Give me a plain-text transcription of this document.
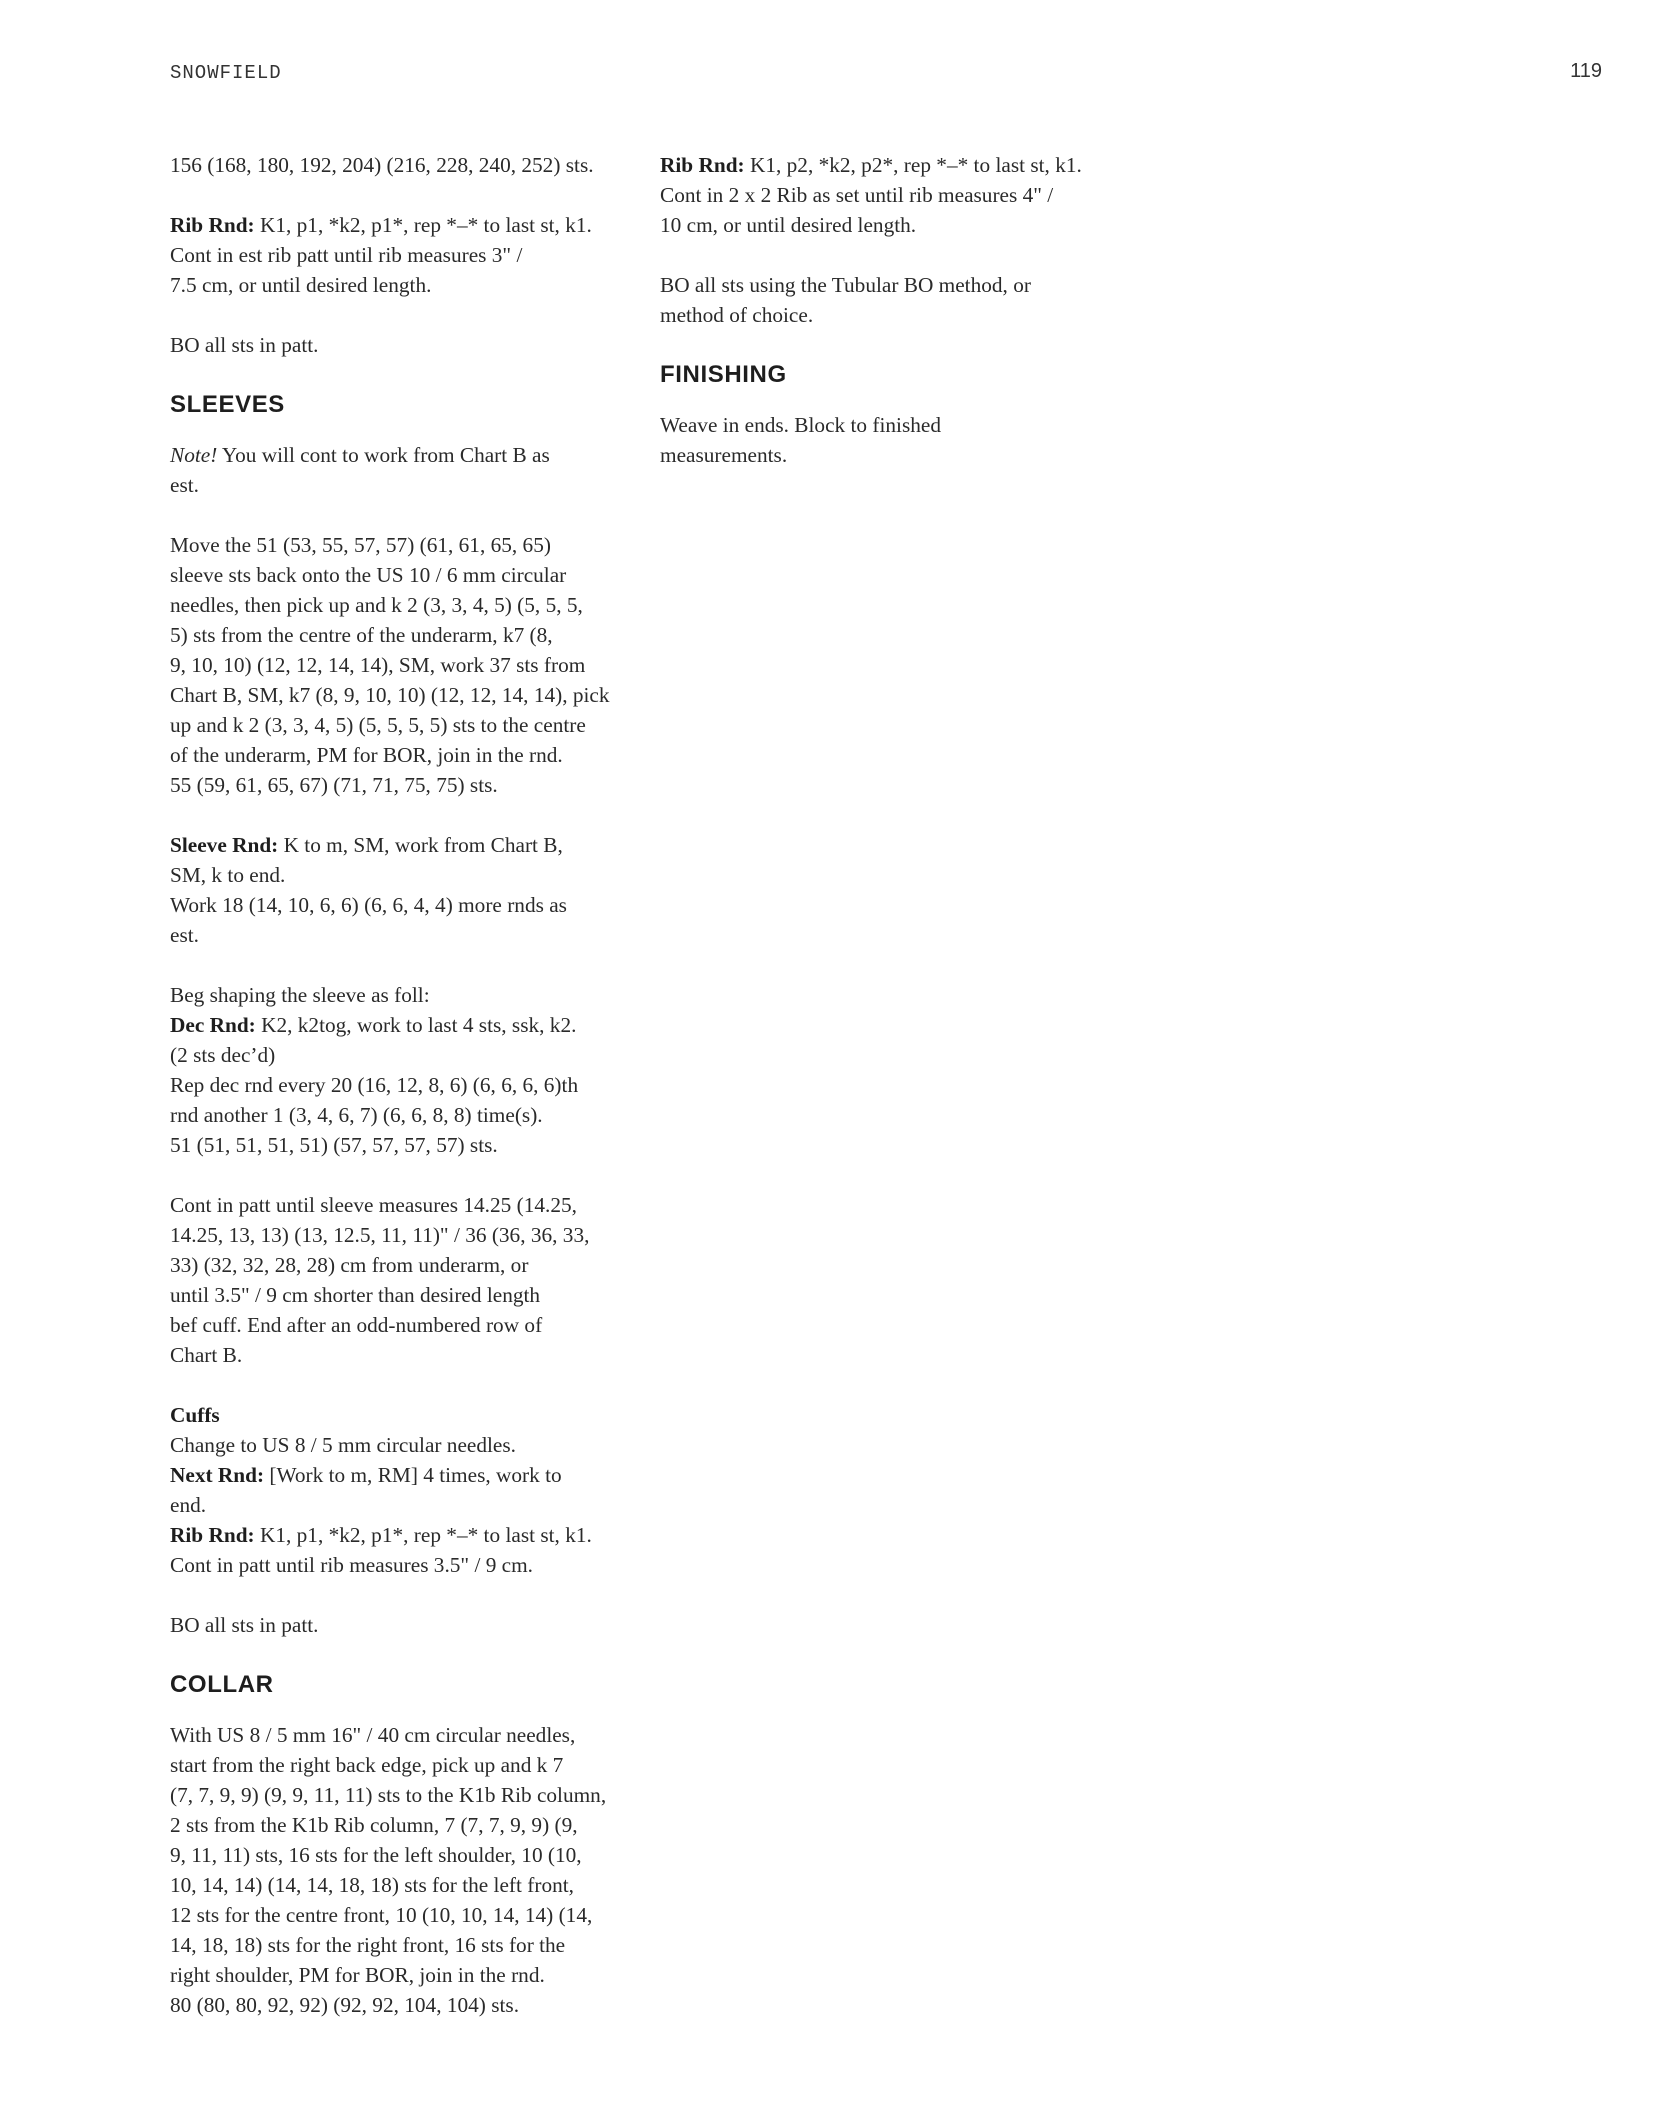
SNOWFIELD	119

156 (168, 180, 192, 204) (216, 228, 240, 252) sts.

Rib Rnd: K1, p1, *k2, p1*, rep *–* to last st, k1.
Cont in est rib patt until rib measures 3" /
7.5 cm, or until desired length.

BO all sts in patt.

SLEEVES

Note! You will cont to work from Chart B as
est.

Move the 51 (53, 55, 57, 57) (61, 61, 65, 65)
sleeve sts back onto the US 10 / 6 mm circular
needles, then pick up and k 2 (3, 3, 4, 5) (5, 5, 5,
5) sts from the centre of the underarm, k7 (8,
9, 10, 10) (12, 12, 14, 14), SM, work 37 sts from
Chart B, SM, k7 (8, 9, 10, 10) (12, 12, 14, 14), pick
up and k 2 (3, 3, 4, 5) (5, 5, 5, 5) sts to the centre
of the underarm, PM for BOR, join in the rnd.
55 (59, 61, 65, 67) (71, 71, 75, 75) sts.

Sleeve Rnd: K to m, SM, work from Chart B,
SM, k to end.
Work 18 (14, 10, 6, 6) (6, 6, 4, 4) more rnds as
est.

Beg shaping the sleeve as foll:
Dec Rnd: K2, k2tog, work to last 4 sts, ssk, k2.
(2 sts dec’d)
Rep dec rnd every 20 (16, 12, 8, 6) (6, 6, 6, 6)th
rnd another 1 (3, 4, 6, 7) (6, 6, 8, 8) time(s).
51 (51, 51, 51, 51) (57, 57, 57, 57) sts.

Cont in patt until sleeve measures 14.25 (14.25,
14.25, 13, 13) (13, 12.5, 11, 11)" / 36 (36, 36, 33,
33) (32, 32, 28, 28) cm from underarm, or
until 3.5" / 9 cm shorter than desired length
bef cuff. End after an odd-numbered row of
Chart B.

Cuffs
Change to US 8 / 5 mm circular needles.
Next Rnd: [Work to m, RM] 4 times, work to
end.
Rib Rnd: K1, p1, *k2, p1*, rep *–* to last st, k1.
Cont in patt until rib measures 3.5" / 9 cm.

BO all sts in patt.

COLLAR

With US 8 / 5 mm 16" / 40 cm circular needles,
start from the right back edge, pick up and k 7
(7, 7, 9, 9) (9, 9, 11, 11) sts to the K1b Rib column,
2 sts from the K1b Rib column, 7 (7, 7, 9, 9) (9,
9, 11, 11) sts, 16 sts for the left shoulder, 10 (10,
10, 14, 14) (14, 14, 18, 18) sts for the left front,
12 sts for the centre front, 10 (10, 10, 14, 14) (14,
14, 18, 18) sts for the right front, 16 sts for the
right shoulder, PM for BOR, join in the rnd.
80 (80, 80, 92, 92) (92, 92, 104, 104) sts.

Rib Rnd: K1, p2, *k2, p2*, rep *–* to last st, k1.
Cont in 2 x 2 Rib as set until rib measures 4" /
10 cm, or until desired length.

BO all sts using the Tubular BO method, or
method of choice.

FINISHING

Weave in ends. Block to finished
measurements.
